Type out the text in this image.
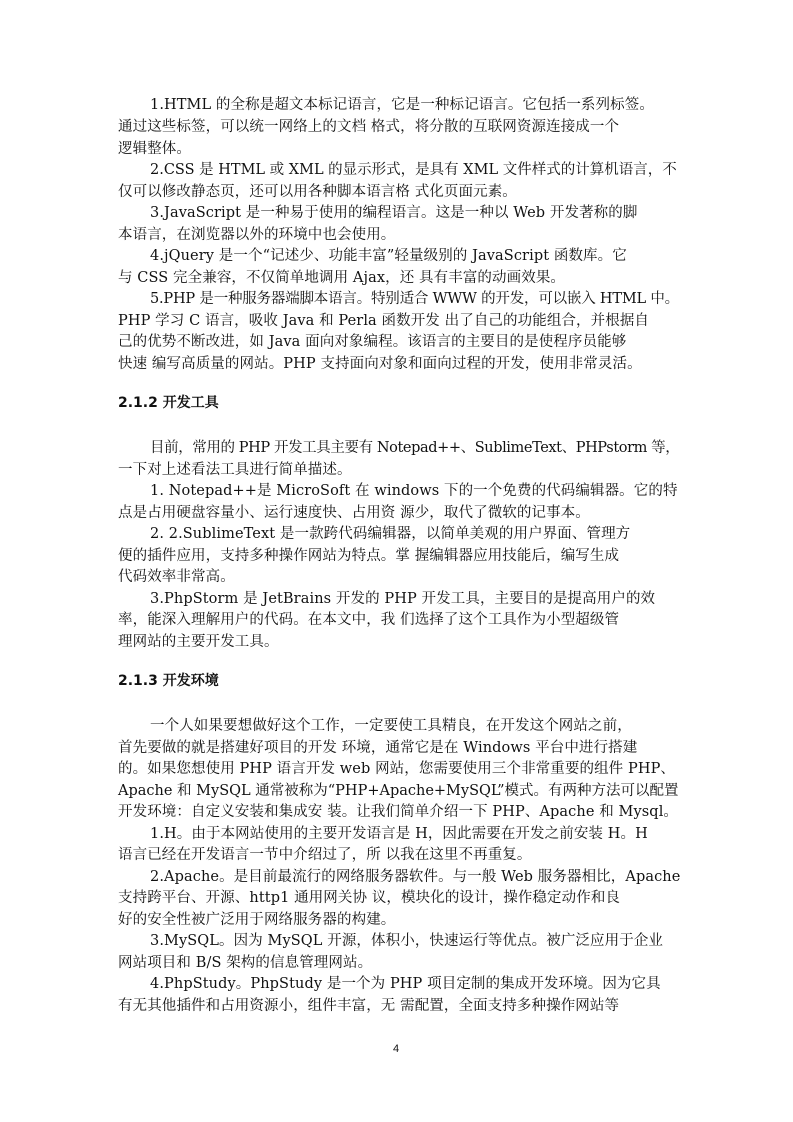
1.HTML 的全称是超文本标记语言，它是一种标记语言。它包括一系列标签。
通过这些标签，可以统一网络上的文档 格式，将分散的互联网资源连接成一个
逻辑整体。
2.CSS 是 HTML 或 XML 的显示形式，是具有 XML 文件样式的计算机语言，不
仅可以修改静态页，还可以用各种脚本语言格 式化页面元素。
3.JavaScript 是一种易于使用的编程语言。这是一种以 Web 开发著称的脚
本语言，在浏览器以外的环境中也会使用。
4.jQuery 是一个“记述少、功能丰富”轻量级别的 JavaScript 函数库。它
与 CSS 完全兼容，不仅简单地调用 Ajax，还 具有丰富的动画效果。
5.PHP 是一种服务器端脚本语言。特别适合 WWW 的开发，可以嵌入 HTML 中。
PHP 学习 C 语言，吸收 Java 和 Perla 函数开发 出了自己的功能组合，并根据自
己的优势不断改进，如 Java 面向对象编程。该语言的主要目的是使程序员能够
快速 编写高质量的网站。PHP 支持面向对象和面向过程的开发，使用非常灵活。
2.1.2 开发工具
目前，常用的 PHP 开发工具主要有 Notepad++、SublimeText、PHPstorm 等，
一下对上述看法工具进行简单描述。
1. Notepad++是 MicroSoft 在 windows 下的一个免费的代码编辑器。它的特
点是占用硬盘容量小、运行速度快、占用资 源少，取代了微软的记事本。
2. 2.SublimeText 是一款跨代码编辑器，以简单美观的用户界面、管理方
便的插件应用，支持多种操作网站为特点。掌 握编辑器应用技能后，编写生成
代码效率非常高。
3.PhpStorm 是 JetBrains 开发的 PHP 开发工具，主要目的是提高用户的效
率，能深入理解用户的代码。在本文中，我 们选择了这个工具作为小型超级管
理网站的主要开发工具。
2.1.3 开发环境
一个人如果要想做好这个工作，一定要使工具精良，在开发这个网站之前，
首先要做的就是搭建好项目的开发 环境，通常它是在 Windows 平台中进行搭建
的。如果您想使用 PHP 语言开发 web 网站，您需要使用三个非常重要的组件 PHP、
Apache 和 MySQL 通常被称为“PHP+Apache+MySQL”模式。有两种方法可以配置
开发环境：自定义安装和集成安 装。让我们简单介绍一下 PHP、Apache 和 Mysql。
1.H。由于本网站使用的主要开发语言是 H，因此需要在开发之前安装 H。H
语言已经在开发语言一节中介绍过了，所 以我在这里不再重复。
2.Apache。是目前最流行的网络服务器软件。与一般 Web 服务器相比，Apache
支持跨平台、开源、http1 通用网关协 议，模块化的设计，操作稳定动作和良
好的安全性被广泛用于网络服务器的构建。
3.MySQL。因为 MySQL 开源，体积小，快速运行等优点。被广泛应用于企业
网站项目和 B/S 架构的信息管理网站。
4.PhpStudy。PhpStudy 是一个为 PHP 项目定制的集成开发环境。因为它具
有无其他插件和占用资源小，组件丰富，无 需配置，全面支持多种操作网站等
4
